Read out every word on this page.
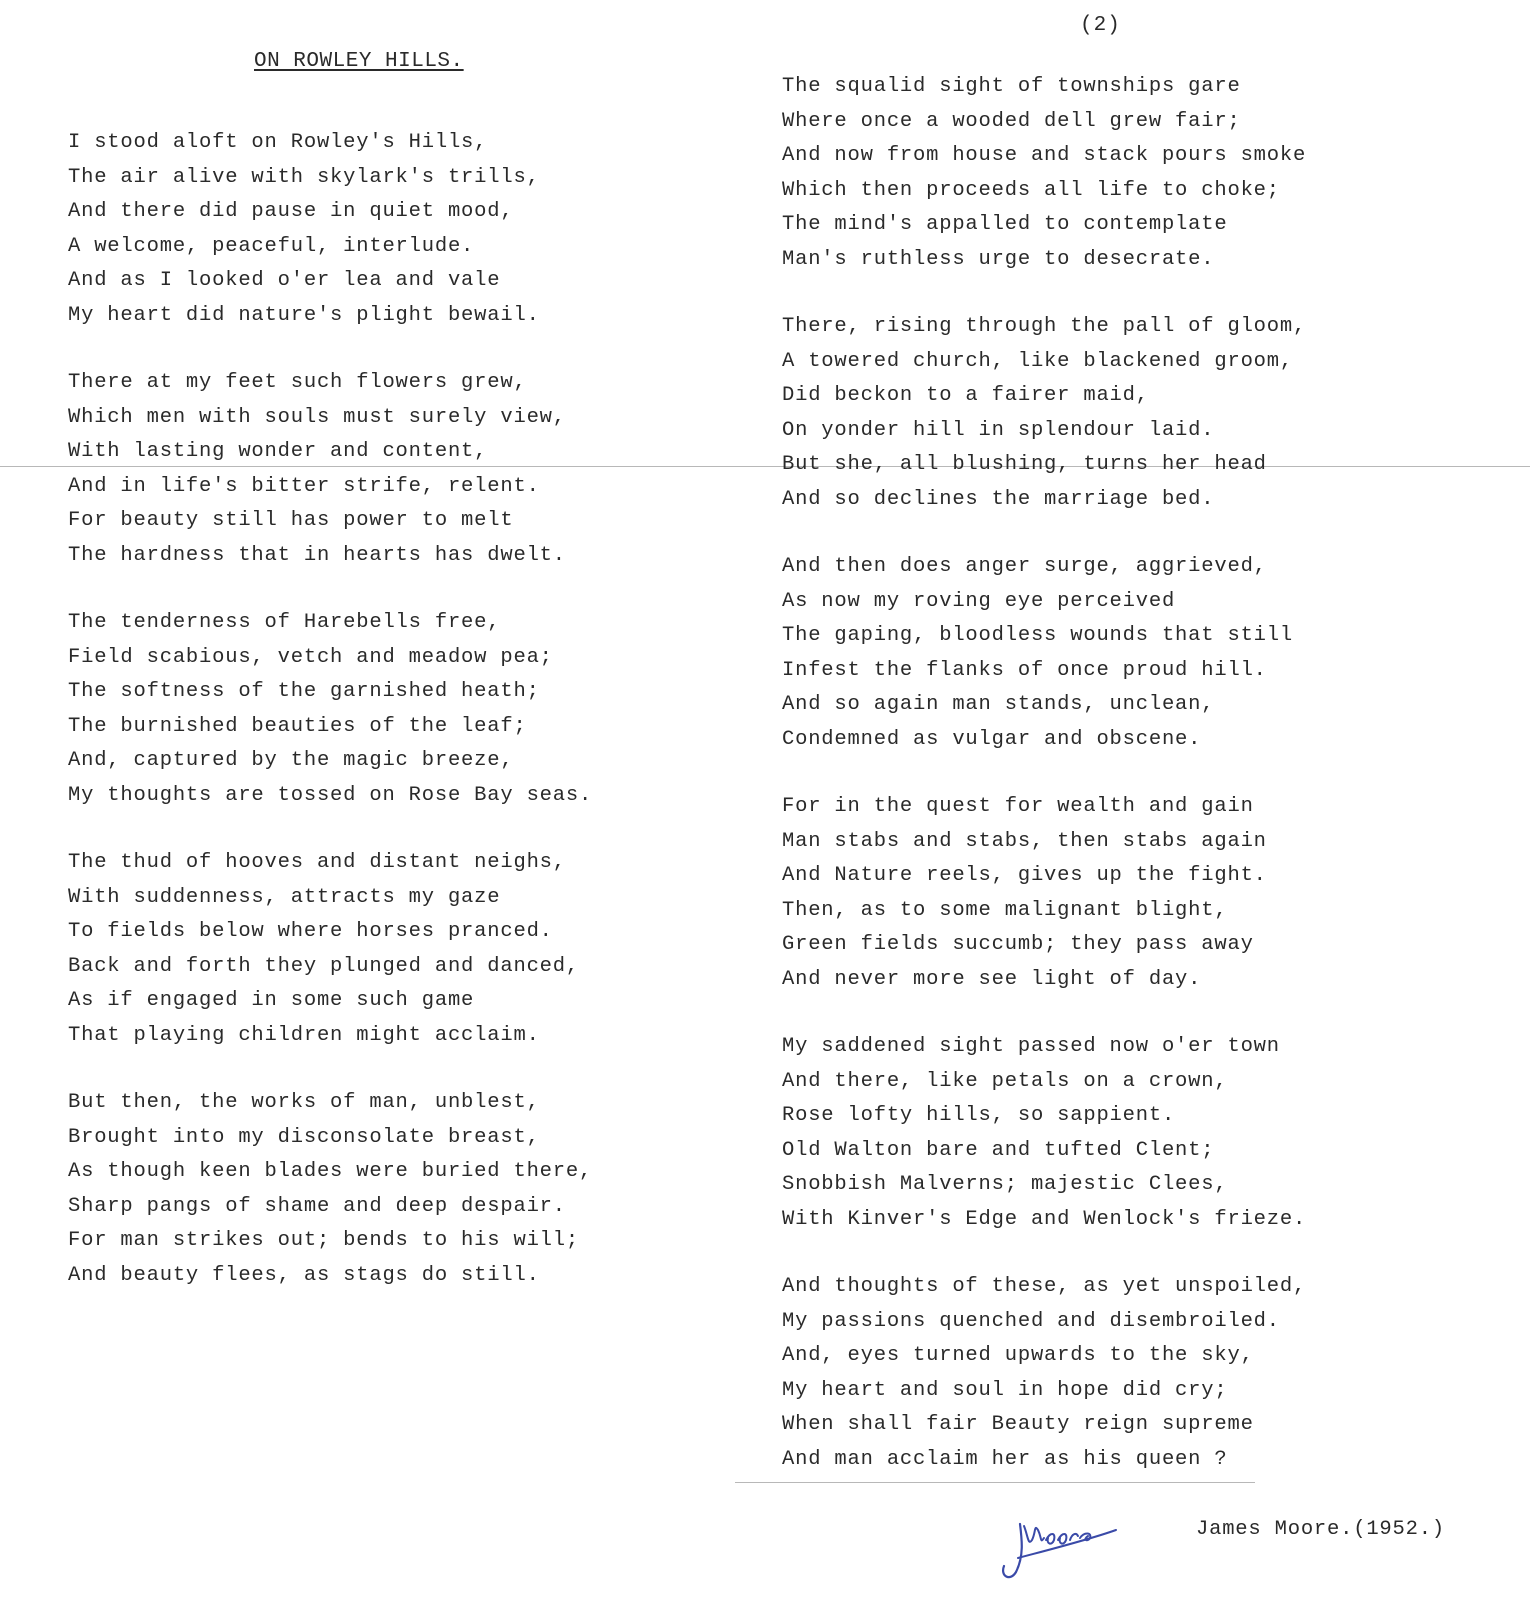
(2)
ON ROWLEY HILLS.
I stood aloft on Rowley's Hills,
The air alive with skylark's trills,
And there did pause in quiet mood,
A welcome, peaceful, interlude.
And as I looked o'er lea and vale
My heart did nature's plight bewail.
There at my feet such flowers grew,
Which men with souls must surely view,
With lasting wonder and content,
And in life's bitter strife, relent.
For beauty still has power to melt
The hardness that in hearts has dwelt.
The tenderness of Harebells free,
Field scabious, vetch and meadow pea;
The softness of the garnished heath;
The burnished beauties of the leaf;
And, captured by the magic breeze,
My thoughts are tossed on Rose Bay seas.
The thud of hooves and distant neighs,
With suddenness, attracts my gaze
To fields below where horses pranced.
Back and forth they plunged and danced,
As if engaged in some such game
That playing children might acclaim.
But then, the works of man, unblest,
Brought into my disconsolate breast,
As though keen blades were buried there,
Sharp pangs of shame and deep despair.
For man strikes out; bends to his will;
And beauty flees, as stags do still.
The squalid sight of townships gare
Where once a wooded dell grew fair;
And now from house and stack pours smoke
Which then proceeds all life to choke;
The mind's appalled to contemplate
Man's ruthless urge to desecrate.
There, rising through the pall of gloom,
A towered church, like blackened groom,
Did beckon to a fairer maid,
On yonder hill in splendour laid.
But she, all blushing, turns her head
And so declines the marriage bed.
And then does anger surge, aggrieved,
As now my roving eye perceived
The gaping, bloodless wounds that still
Infest the flanks of once proud hill.
And so again man stands, unclean,
Condemned as vulgar and obscene.
For in the quest for wealth and gain
Man stabs and stabs, then stabs again
And Nature reels, gives up the fight.
Then, as to some malignant blight,
Green fields succumb; they pass away
And never more see light of day.
My saddened sight passed now o'er town
And there, like petals on a crown,
Rose lofty hills, so sappient.
Old Walton bare and tufted Clent;
Snobbish Malverns; majestic Clees,
With Kinver's Edge and Wenlock's frieze.
And thoughts of these, as yet unspoiled,
My passions quenched and disembroiled.
And, eyes turned upwards to the sky,
My heart and soul in hope did cry;
When shall fair Beauty reign supreme
And man acclaim her as his queen ?
James Moore.(1952.)
